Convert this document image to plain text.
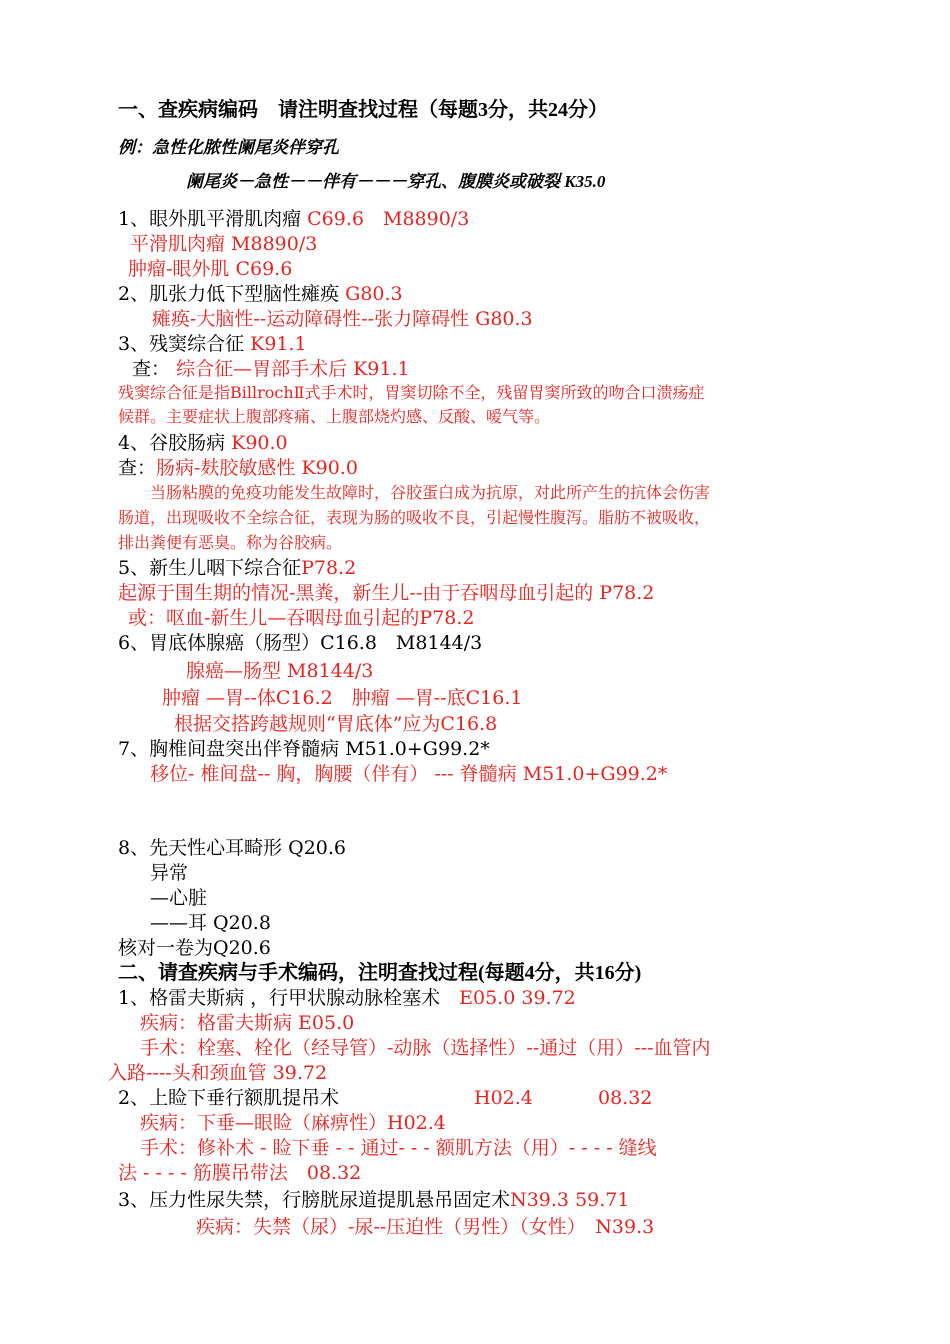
一、查疾病编码　请注明查找过程（每题3分，共24分）
例：急性化脓性阑尾炎伴穿孔
阑尾炎－急性－－伴有－－－穿孔、腹膜炎或破裂 K35.0
1、眼外肌平滑肌肉瘤 C69.6　M8890/3
平滑肌肉瘤 M8890/3
肿瘤-眼外肌 C69.6
2、肌张力低下型脑性瘫痪 G80.3
瘫痪-大脑性--运动障碍性--张力障碍性 G80.3
3、残窦综合征 K91.1
查： 综合征—胃部手术后 K91.1
残窦综合征是指BillrochⅡ式手术时，胃窦切除不全，残留胃窦所致的吻合口溃疡症
候群。主要症状上腹部疼痛、上腹部烧灼感、反酸、嗳气等。
4、谷胶肠病 K90.0
查：肠病-麸胶敏感性 K90.0
当肠粘膜的免疫功能发生故障时，谷胶蛋白成为抗原，对此所产生的抗体会伤害
肠道，出现吸收不全综合征，表现为肠的吸收不良，引起慢性腹泻。脂肪不被吸收，
排出粪便有恶臭。称为谷胶病。
5、新生儿咽下综合征P78.2
起源于围生期的情况-黑粪，新生儿--由于吞咽母血引起的 P78.2
或：呕血-新生儿—吞咽母血引起的P78.2
6、胃底体腺癌（肠型）C16.8　M8144/3
腺癌—肠型 M8144/3
肿瘤 —胃--体C16.2　肿瘤 —胃--底C16.1
根据交搭跨越规则“胃底体”应为C16.8
7、胸椎间盘突出伴脊髓病 M51.0+G99.2*
移位- 椎间盘-- 胸，胸腰（伴有） --- 脊髓病 M51.0+G99.2*
8、先天性心耳畸形 Q20.6
异常
—心脏
——耳 Q20.8
核对一卷为Q20.6
二、请查疾病与手术编码，注明查找过程(每题4分，共16分)
1、格雷夫斯病 ，行甲状腺动脉栓塞术　 E05.0 39.72
疾病：格雷夫斯病 E05.0
手术：栓塞、栓化（经导管）-动脉（选择性）--通过（用）---血管内
入路----头和颈血管 39.72
2、上睑下垂行额肌提吊术	H02.4	08.32
疾病：下垂—眼睑（麻痹性）H02.4
手术：修补术 - 睑下垂 - - 通过- - - 额肌方法（用）- - - - 缝线
法 - - - - 筋膜吊带法　08.32
3、压力性尿失禁，行膀胱尿道提肌悬吊固定术N39.3 59.71
疾病：失禁（尿）-尿--压迫性（男性）（女性）　N39.3
